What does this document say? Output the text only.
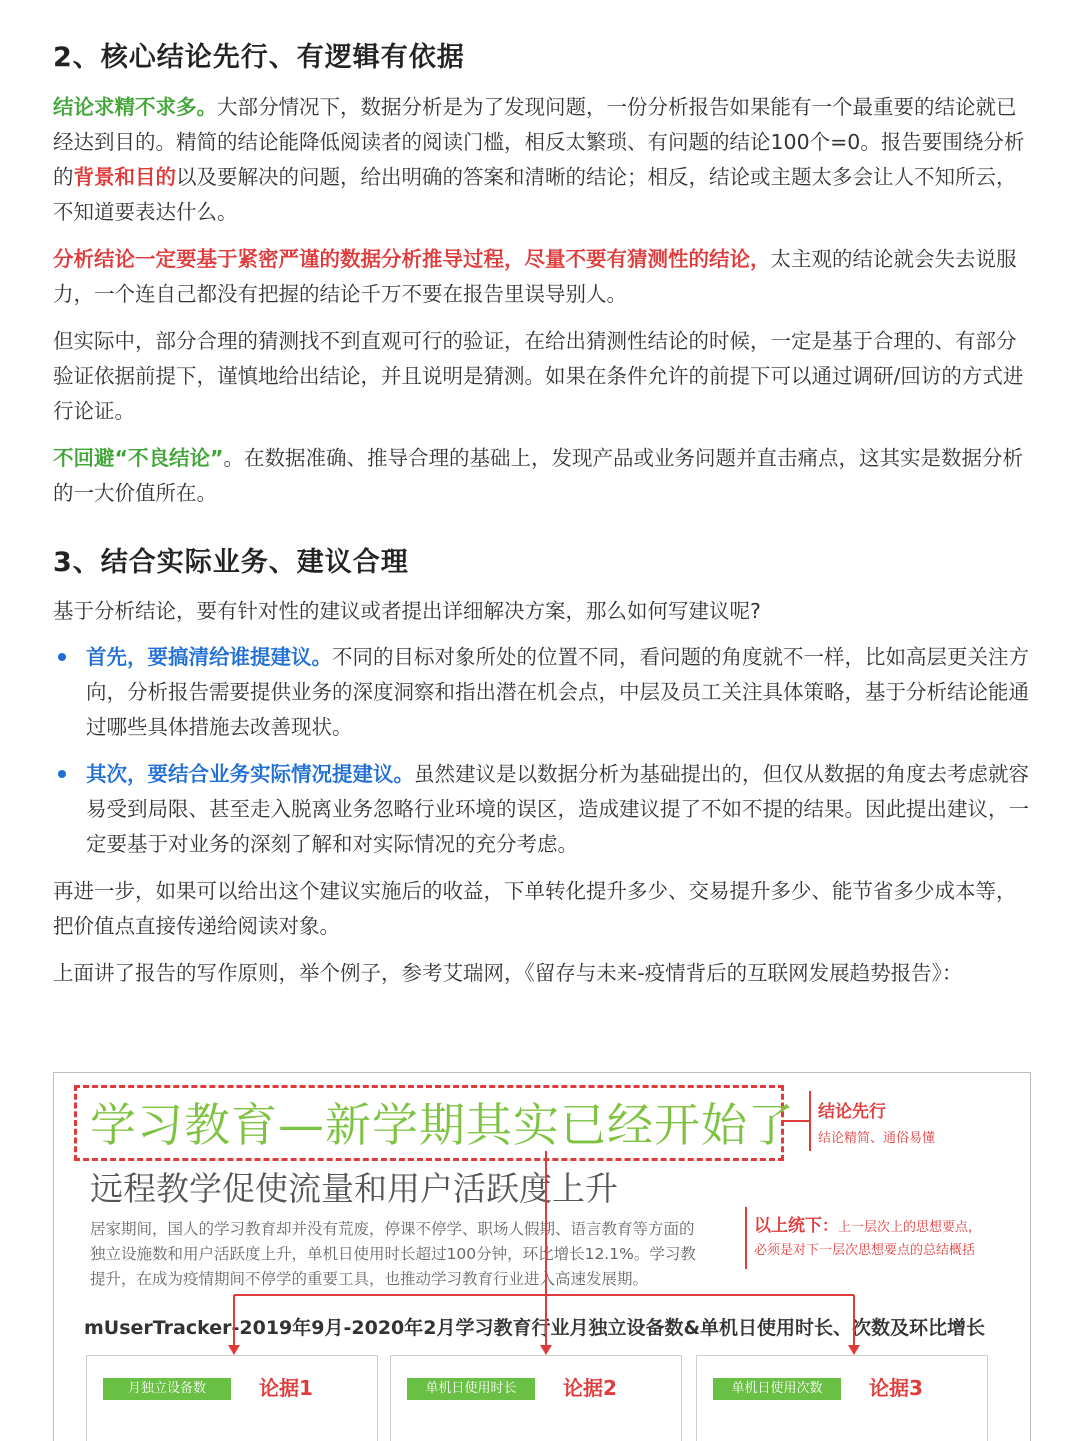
2、核心结论先行、有逻辑有依据

结论求精不求多。大部分情况下，数据分析是为了发现问题，一份分析报告如果能有一个最重要的结论就已经达到目的。精简的结论能降低阅读者的阅读门槛，相反太繁琐、有问题的结论100个=0。报告要围绕分析的背景和目的以及要解决的问题，给出明确的答案和清晰的结论；相反，结论或主题太多会让人不知所云，不知道要表达什么。

分析结论一定要基于紧密严谨的数据分析推导过程，尽量不要有猜测性的结论，太主观的结论就会失去说服力，一个连自己都没有把握的结论千万不要在报告里误导别人。

但实际中，部分合理的猜测找不到直观可行的验证，在给出猜测性结论的时候，一定是基于合理的、有部分验证依据前提下，谨慎地给出结论，并且说明是猜测。如果在条件允许的前提下可以通过调研/回访的方式进行论证。

不回避“不良结论”。在数据准确、推导合理的基础上，发现产品或业务问题并直击痛点，这其实是数据分析的一大价值所在。

3、结合实际业务、建议合理

基于分析结论，要有针对性的建议或者提出详细解决方案，那么如何写建议呢?

首先，要搞清给谁提建议。不同的目标对象所处的位置不同，看问题的角度就不一样，比如高层更关注方向，分析报告需要提供业务的深度洞察和指出潜在机会点，中层及员工关注具体策略，基于分析结论能通过哪些具体措施去改善现状。

其次，要结合业务实际情况提建议。虽然建议是以数据分析为基础提出的，但仅从数据的角度去考虑就容易受到局限、甚至走入脱离业务忽略行业环境的误区，造成建议提了不如不提的结果。因此提出建议，一定要基于对业务的深刻了解和对实际情况的充分考虑。

再进一步，如果可以给出这个建议实施后的收益，下单转化提升多少、交易提升多少、能节省多少成本等，把价值点直接传递给阅读对象。

上面讲了报告的写作原则，举个例子，参考艾瑞网，《留存与未来-疫情背后的互联网发展趋势报告》：

学习教育—新学期其实已经开始了
远程教学促使流量和用户活跃度上升
居家期间，国人的学习教育却并没有荒废，停课不停学、职场人假期、语言教育等方面的
独立设施数和用户活跃度上升，单机日使用时长超过100分钟，环比增长12.1%。学习教
提升，在成为疫情期间不停学的重要工具，也推动学习教育行业进入高速发展期。
mUserTracker-2019年9月-2020年2月学习教育行业月独立设备数&单机日使用时长、次数及环比增长
结论先行
结论精简、通俗易懂
以上统下：上一层次上的思想要点，
必须是对下一层次思想要点的总结概括
月独立设备数	论据1	单机日使用时长	论据2	单机日使用次数	论据3
